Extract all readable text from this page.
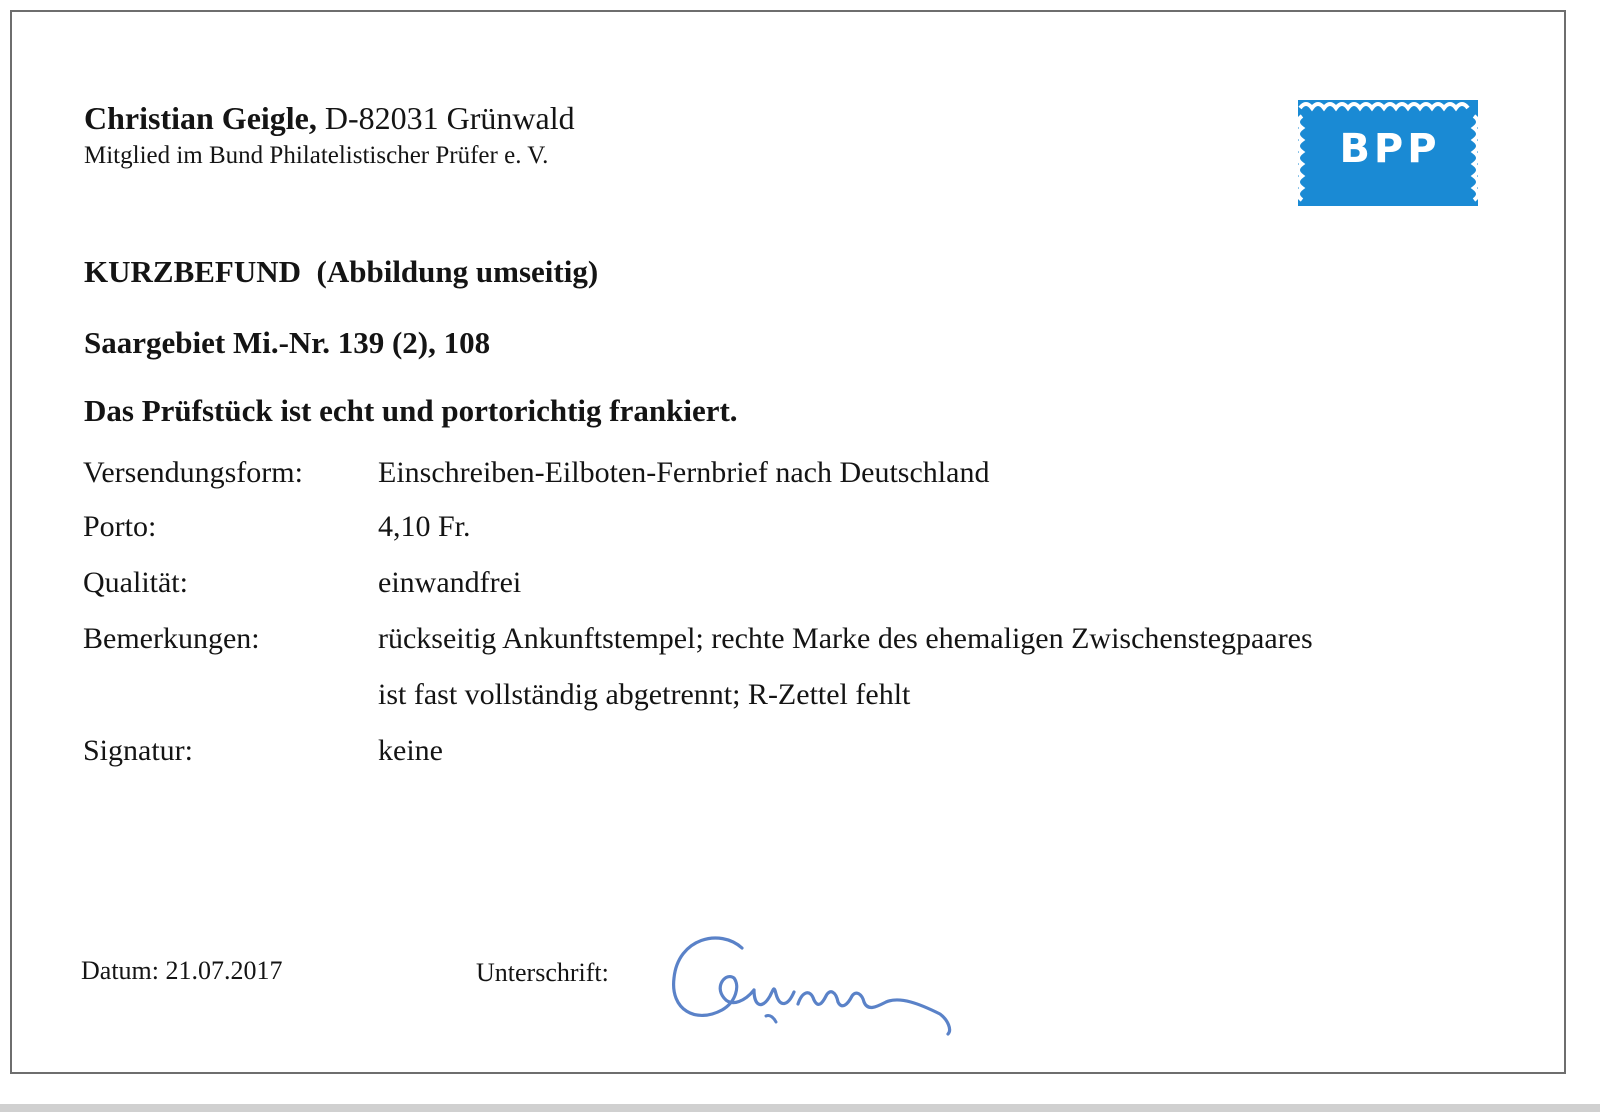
Christian Geigle, D-82031 Grünwald
Mitglied im Bund Philatelistischer Prüfer e. V.	BPP
KURZBEFUND  (Abbildung umseitig)
Saargebiet Mi.-Nr. 139 (2), 108
Das Prüfstück ist echt und portorichtig frankiert.
Versendungsform:	Einschreiben-Eilboten-Fernbrief nach Deutschland
Porto:	4,10 Fr.
Qualität:	einwandfrei
Bemerkungen:	rückseitig Ankunftstempel; rechte Marke des ehemaligen Zwischenstegpaares
ist fast vollständig abgetrennt; R-Zettel fehlt
Signatur:	keine
Datum: 21.07.2017	Unterschrift:
